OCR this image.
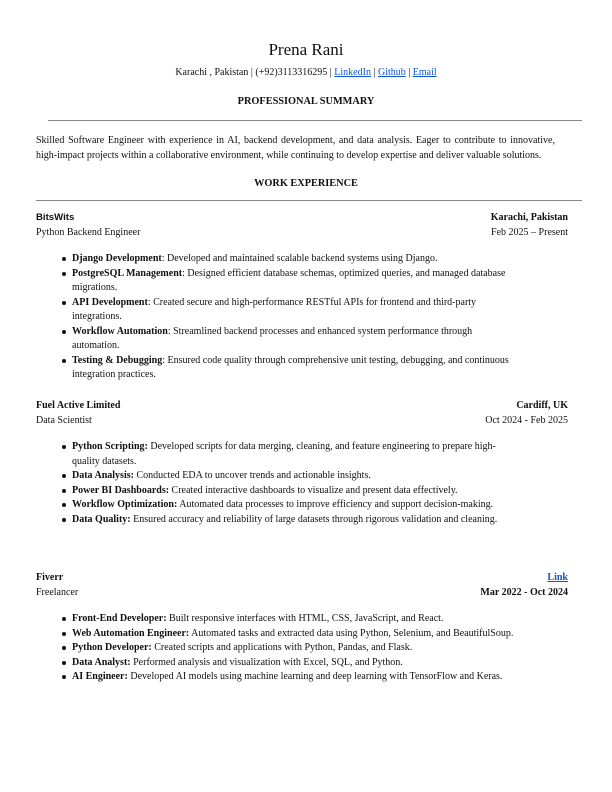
Prena Rani
Karachi , Pakistan | (+92)3113316295 | LinkedIn | Github | Email
PROFESSIONAL SUMMARY
Skilled Software Engineer with experience in AI, backend development, and data analysis. Eager to contribute to innovative, high-impact projects within a collaborative environment, while continuing to develop expertise and deliver valuable solutions.
WORK EXPERIENCE
BitsWits	Karachi, Pakistan
Python Backend Engineer	Feb 2025 – Present
Django Development: Developed and maintained scalable backend systems using Django.
PostgreSQL Management: Designed efficient database schemas, optimized queries, and managed database migrations.
API Development: Created secure and high-performance RESTful APIs for frontend and third-party integrations.
Workflow Automation: Streamlined backend processes and enhanced system performance through automation.
Testing & Debugging: Ensured code quality through comprehensive unit testing, debugging, and continuous integration practices.
Fuel Active Limited	Cardiff, UK
Data Scientist	Oct 2024 - Feb 2025
Python Scripting: Developed scripts for data merging, cleaning, and feature engineering to prepare high-quality datasets.
Data Analysis: Conducted EDA to uncover trends and actionable insights.
Power BI Dashboards: Created interactive dashboards to visualize and present data effectively.
Workflow Optimization: Automated data processes to improve efficiency and support decision-making.
Data Quality: Ensured accuracy and reliability of large datasets through rigorous validation and cleaning.
Fiverr	Link
Freelancer	Mar 2022 - Oct 2024
Front-End Developer: Built responsive interfaces with HTML, CSS, JavaScript, and React.
Web Automation Engineer: Automated tasks and extracted data using Python, Selenium, and BeautifulSoup.
Python Developer: Created scripts and applications with Python, Pandas, and Flask.
Data Analyst: Performed analysis and visualization with Excel, SQL, and Python.
AI Engineer: Developed AI models using machine learning and deep learning with TensorFlow and Keras.
